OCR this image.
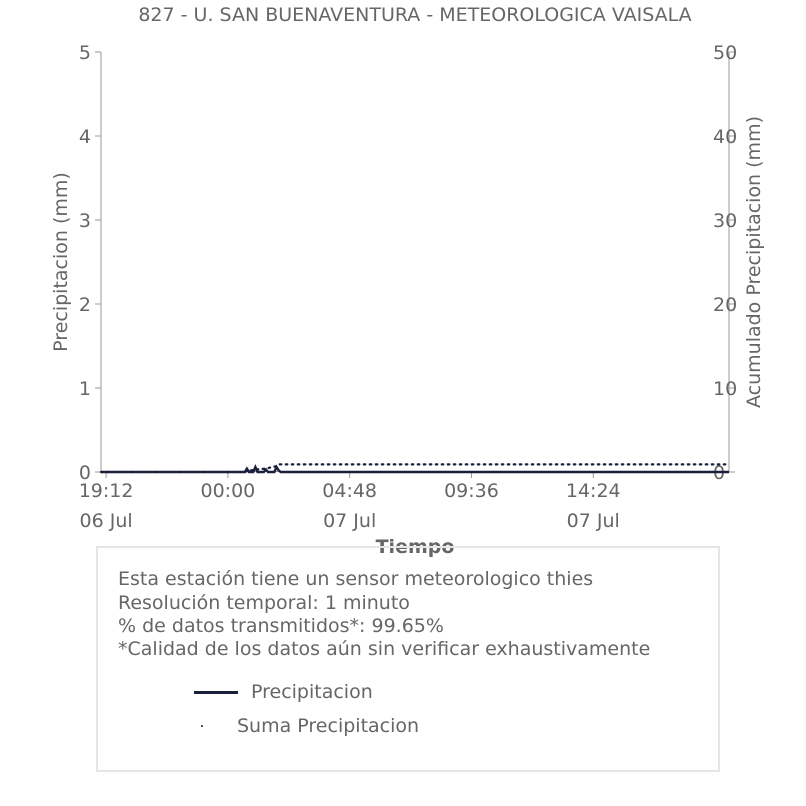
827 - U. SAN BUENAVENTURA - METEOROLOGICA VAISALA
0
1
2
3
4
5
0
10
20
30
40
50
19:12
06 Jul
00:00	04:48
07 Jul
09:36	14:24
07 Jul
Precipitacion (mm)	Acumulado Precipitacion (mm)
Tiempo
Esta estación tiene un sensor meteorologico thies
Resolución temporal: 1 minuto
% de datos transmitidos*: 99.65%
*Calidad de los datos aún sin verificar exhaustivamente
Precipitacion
Suma Precipitacion
